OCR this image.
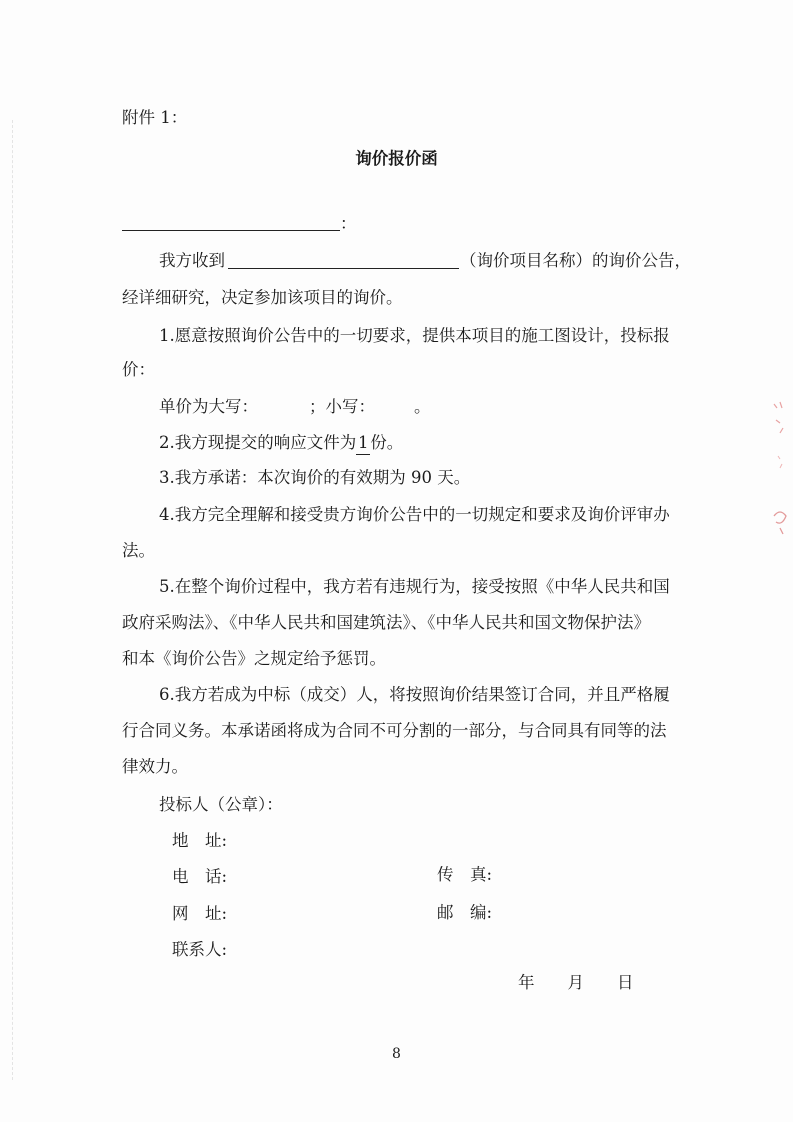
附件 1：
询价报价函
：
我方收到	（询价项目名称）的询价公告，
经详细研究，决定参加该项目的询价。
1.愿意按照询价公告中的一切要求，提供本项目的施工图设计，投标报
价：
单价为大写：	；小写： 。
2.我方现提交的响应文件为 1 份。
3.我方承诺：本次询价的有效期为 90 天。
4.我方完全理解和接受贵方询价公告中的一切规定和要求及询价评审办
法。
5.在整个询价过程中，我方若有违规行为，接受按照《中华人民共和国
政府采购法》、《中华人民共和国建筑法》、《中华人民共和国文物保护法》
和本《询价公告》之规定给予惩罚。
6.我方若成为中标（成交）人，将按照询价结果签订合同，并且严格履
行合同义务。本承诺函将成为合同不可分割的一部分，与合同具有同等的法
律效力。
投标人（公章）：
地　址:
电　话:	传　真:
网　址:	邮　编:
联系人:
年　　月　　日
8
